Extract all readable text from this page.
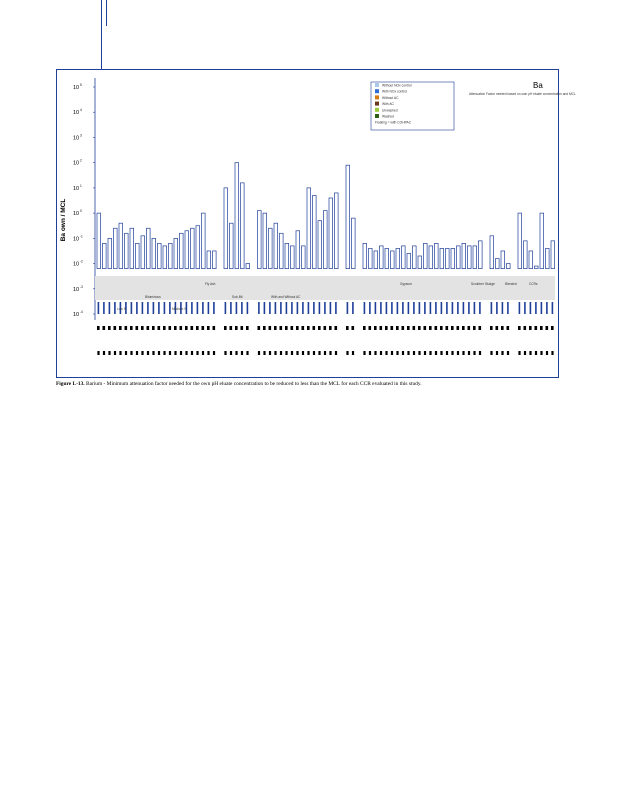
10 5
10 4
10 3
10 2
10 1
10 0
10 -1
10 -2
10 -3
10 -4
Ba own / MCL
Fly Ash
Bituminous
Low S	Medium S
Sub-Bit	With and Without AC
Gypsum	Scrubber Sludge	Blended	CCRs
Ba
Attenuation Factor needed based on own pH eluate concentration and MCL
Without NOx control
With NOx control
Without AC
With AC
Unwashed
Washed
Floating = with COHPAC
Figure L-13. Barium - Minimum attenuation factor needed for the own pH eluate concentration to be reduced to less than the MCL for each CCR evaluated in this study.
